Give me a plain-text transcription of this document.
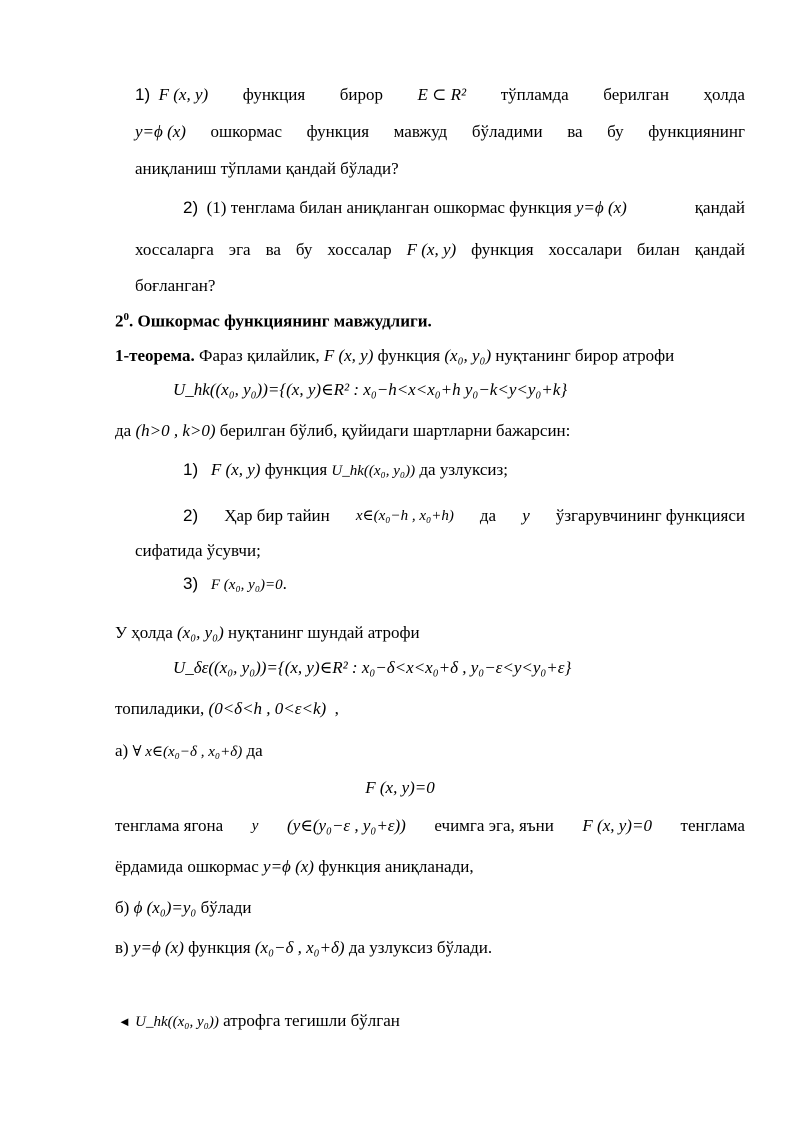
1) F (x, y) функция бирор E ⊂ R² тўпламда берилган ҳолда
y=ϕ (x) ошкормас функция мавжуд бўладими ва бу функциянинг
аниқланиш тўплами қандай бўлади?
2) (1) тенглама билан аниқланган ошкормас функция y=ϕ (x)	қандай
хоссаларга эга ва бу хоссалар F (x, y) функция хоссалари билан қандай
боғланган?
$2^0$. Ошкормас функциянинг мавжудлиги.
1-теорема. Фараз қилайлик, F (x, y) функция (x₀, y₀) нуқтанинг бирор атрофи
U_hk((x₀, y₀))={(x, y)∈R² : x₀−h<x<x₀+h y₀−k<y<y₀+k}
да (h>0 , k>0) берилган бўлиб, қуйидаги шартларни бажарсин:
1) F (x, y) функция U_hk((x₀, y₀)) да узлуксиз;
2) Ҳар бир тайин x∈(x₀−h , x₀+h) да y ўзгарувчининг функцияси
сифатида ўсувчи;
3) F (x₀, y₀)=0.
У ҳолда (x₀, y₀) нуқтанинг шундай атрофи
U_δε((x₀, y₀))={(x, y)∈R² : x₀−δ<x<x₀+δ , y₀−ε<y<y₀+ε}
топиладики, (0<δ<h , 0<ε<k) ,
а) ∀ x∈(x₀−δ , x₀+δ) да
F (x, y)=0
тенглама ягона y (y∈(y₀−ε , y₀+ε)) ечимга эга, яъни F (x, y)=0 тенглама
ёрдамида ошкормас y=ϕ (x) функция аниқланади,
б) ϕ (x₀)=y₀ бўлади
в) y=ϕ (x) функция (x₀−δ , x₀+δ) да узлуксиз бўлади.
◄ U_hk((x₀, y₀)) атрофга тегишли бўлган
